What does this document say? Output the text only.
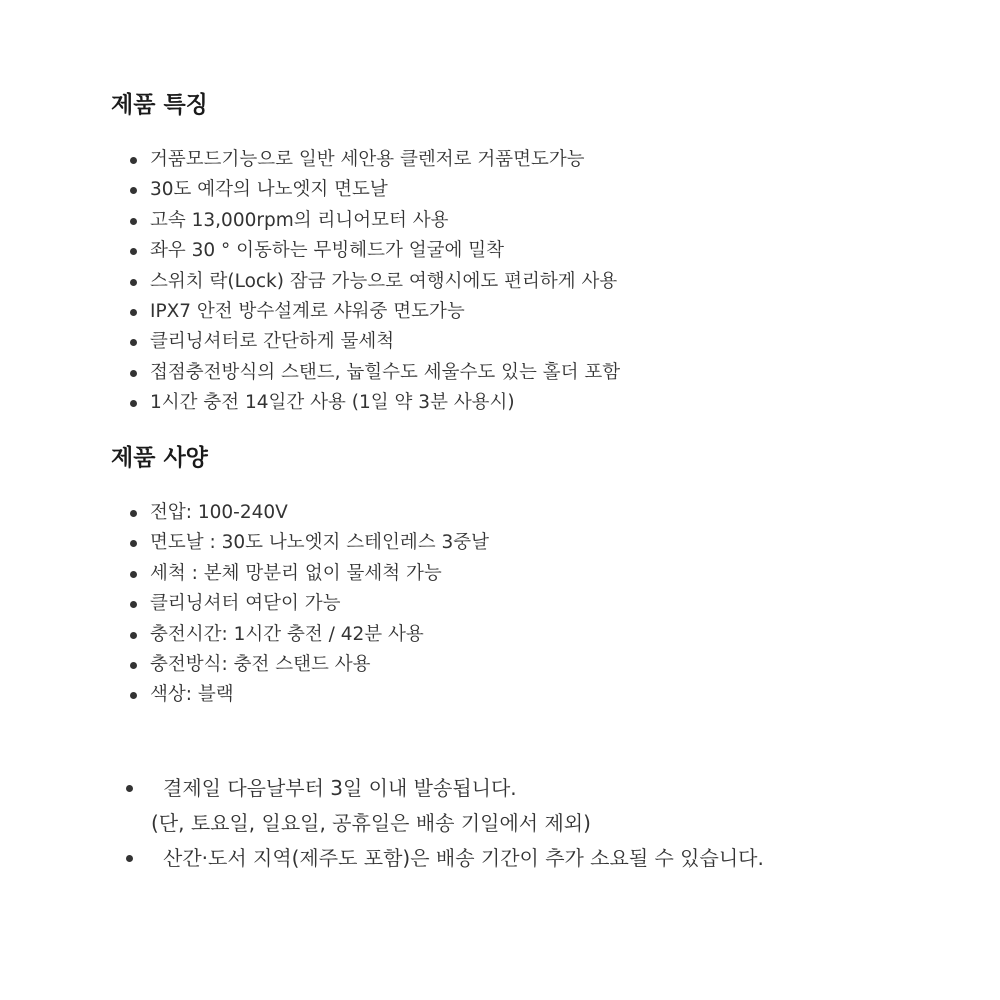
제품 특징
거품모드기능으로 일반 세안용 클렌저로 거품면도가능
30도 예각의 나노엣지 면도날
고속 13,000rpm의 리니어모터 사용
좌우 30 ° 이동하는 무빙헤드가 얼굴에 밀착
스위치 락(Lock) 잠금 가능으로 여행시에도 편리하게 사용
IPX7 안전 방수설계로 샤워중 면도가능
클리닝셔터로 간단하게 물세척
접점충전방식의 스탠드, 눕힐수도 세울수도 있는 홀더 포함
1시간 충전 14일간 사용 (1일 약 3분 사용시)
제품 사양
전압: 100-240V
면도날 : 30도 나노엣지 스테인레스 3중날
세척 : 본체 망분리 없이 물세척 가능
클리닝셔터 여닫이 가능
충전시간: 1시간 충전 / 42분 사용
충전방식: 충전 스탠드 사용
색상: 블랙
결제일 다음날부터 3일 이내 발송됩니다.
(단, 토요일, 일요일, 공휴일은 배송 기일에서 제외)
산간·도서 지역(제주도 포함)은 배송 기간이 추가 소요될 수 있습니다.
